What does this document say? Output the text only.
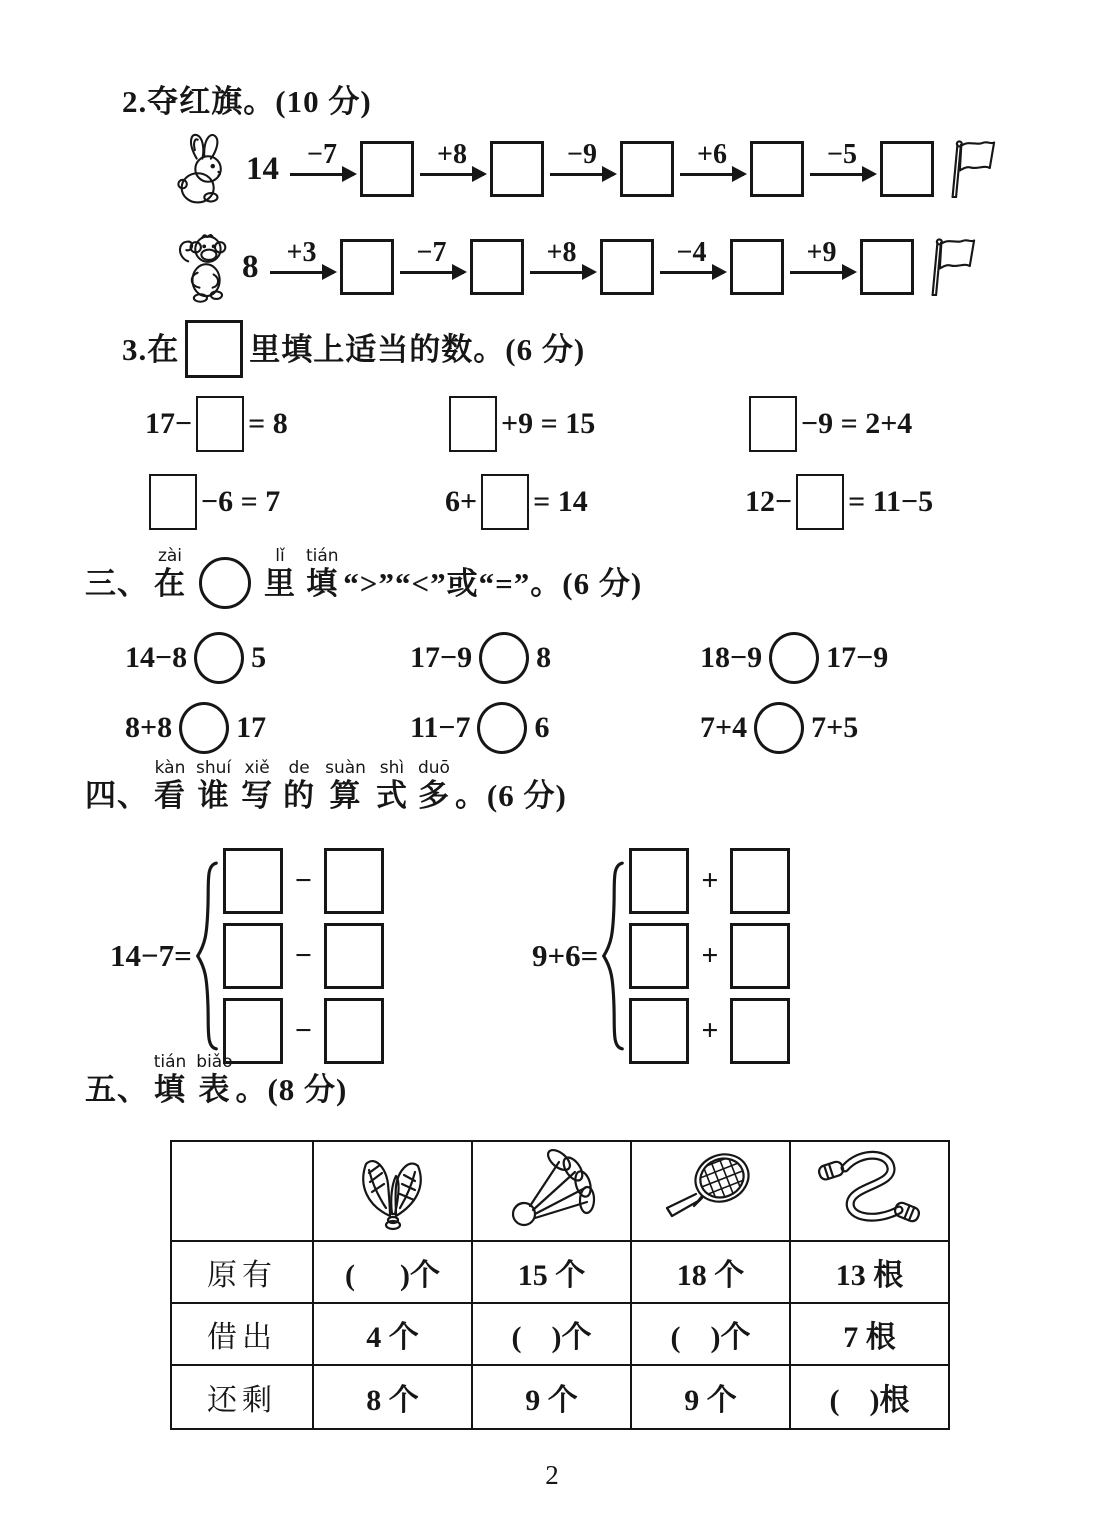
2.夺红旗。(10 分)
14 −7	+8	−9	+6	−5
8 +3	−7	+8	−4	+9
3.在 里填上适当的数。(6 分)
17− = 8	+9 = 15	−9 = 2+4
−6 = 7	6+ = 14	12− = 11−5
三、 在zài里lǐ填tián“>”“<”或“=”。(6 分)
14−8 5	17−9 8	18−9 17−9
8+8 17	11−7 6	7+4 7+5
四、 看kàn谁shuí写xiě的de算suàn式shì多duō。(6 分)
14−7=
−
−
−
9+6=
+
+
+
五、 填tián表biǎo。(8 分)

原有	(      )个	15 个	18 个	13 根
借出	4 个	(    )个	(    )个	7 根
还剩	8 个	9 个	9 个	(    )根
2
